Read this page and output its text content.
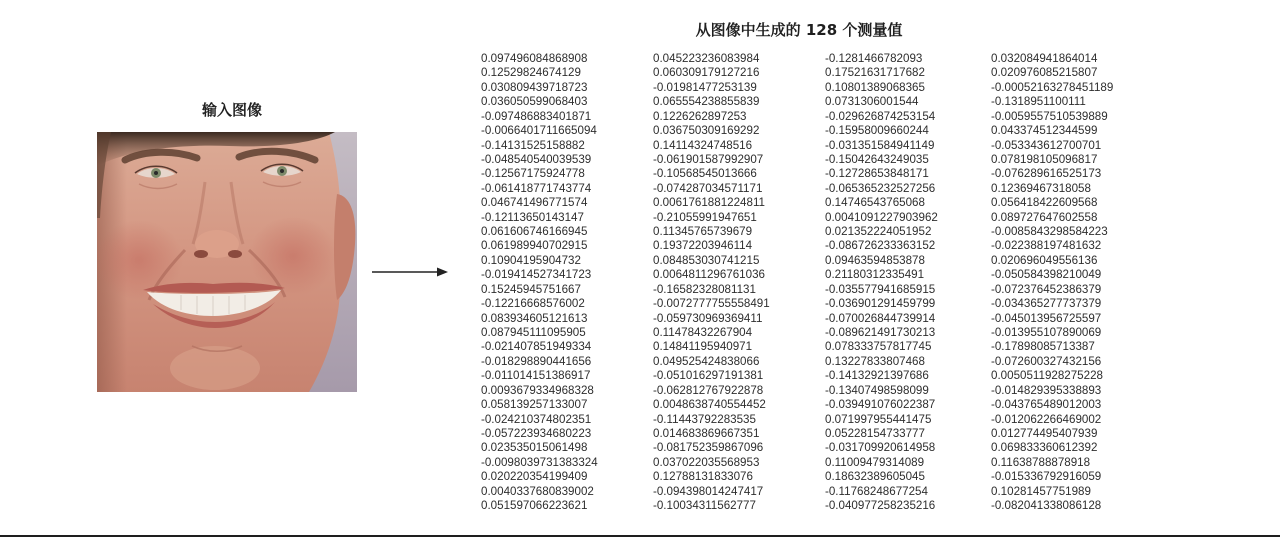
从图像中生成的 128 个测量值
输入图像
0.097496084868908
0.12529824674129
0.030809439718723
0.036050599068403
-0.097486883401871
-0.0066401711665094
-0.14131525158882
-0.048540540039539
-0.12567175924778
-0.061418771743774
0.046741496771574
-0.12113650143147
0.061606746166945
0.061989940702915
0.10904195904732
-0.019414527341723
0.15245945751667
-0.12216668576002
0.083934605121613
0.087945111095905
-0.021407851949334
-0.018298890441656
-0.011014151386917
0.0093679334968328
0.058139257133007
-0.024210374802351
-0.057223934680223
0.023535015061498
-0.0098039731383324
0.020220354199409
0.0040337680839002
0.051597066223621
0.045223236083984
0.060309179127216
-0.01981477253139
0.065554238855839
0.1226262897253
0.036750309169292
0.14114324748516
-0.061901587992907
-0.10568545013666
-0.074287034571171
0.0061761881224811
-0.21055991947651
0.11345765739679
0.19372203946114
0.084853030741215
0.0064811296761036
-0.16582328081131
-0.0072777755558491
-0.059730969369411
0.11478432267904
0.14841195940971
0.049525424838066
-0.051016297191381
-0.062812767922878
0.0048638740554452
-0.11443792283535
0.014683869667351
-0.081752359867096
0.037022035568953
0.12788131833076
-0.094398014247417
-0.10034311562777
-0.1281466782093
0.17521631717682
0.10801389068365
0.0731306001544
-0.029626874253154
-0.15958009660244
-0.031351584941149
-0.15042643249035
-0.12728653848171
-0.065365232527256
0.14746543765068
0.0041091227903962
0.021352224051952
-0.086726233363152
0.09463594853878
0.21180312335491
-0.035577941685915
-0.036901291459799
-0.070026844739914
-0.089621491730213
0.078333757817745
0.13227833807468
-0.14132921397686
-0.13407498598099
-0.039491076022387
0.071997955441475
0.05228154733777
-0.031709920614958
0.11009479314089
0.18632389605045
-0.11768248677254
-0.040977258235216
0.032084941864014
0.020976085215807
-0.00052163278451189
-0.1318951100111
-0.0059557510539889
0.043374512344599
-0.053343612700701
0.078198105096817
-0.076289616525173
0.12369467318058
0.056418422609568
0.089727647602558
-0.0085843298584223
-0.022388197481632
0.020696049556136
-0.050584398210049
-0.072376452386379
-0.034365277737379
-0.045013956725597
-0.013955107890069
-0.17898085713387
-0.072600327432156
0.0050511928275228
-0.014829395338893
-0.043765489012003
-0.012062266469002
0.012774495407939
0.069833360612392
0.11638788878918
-0.015336792916059
0.10281457751989
-0.082041338086128
